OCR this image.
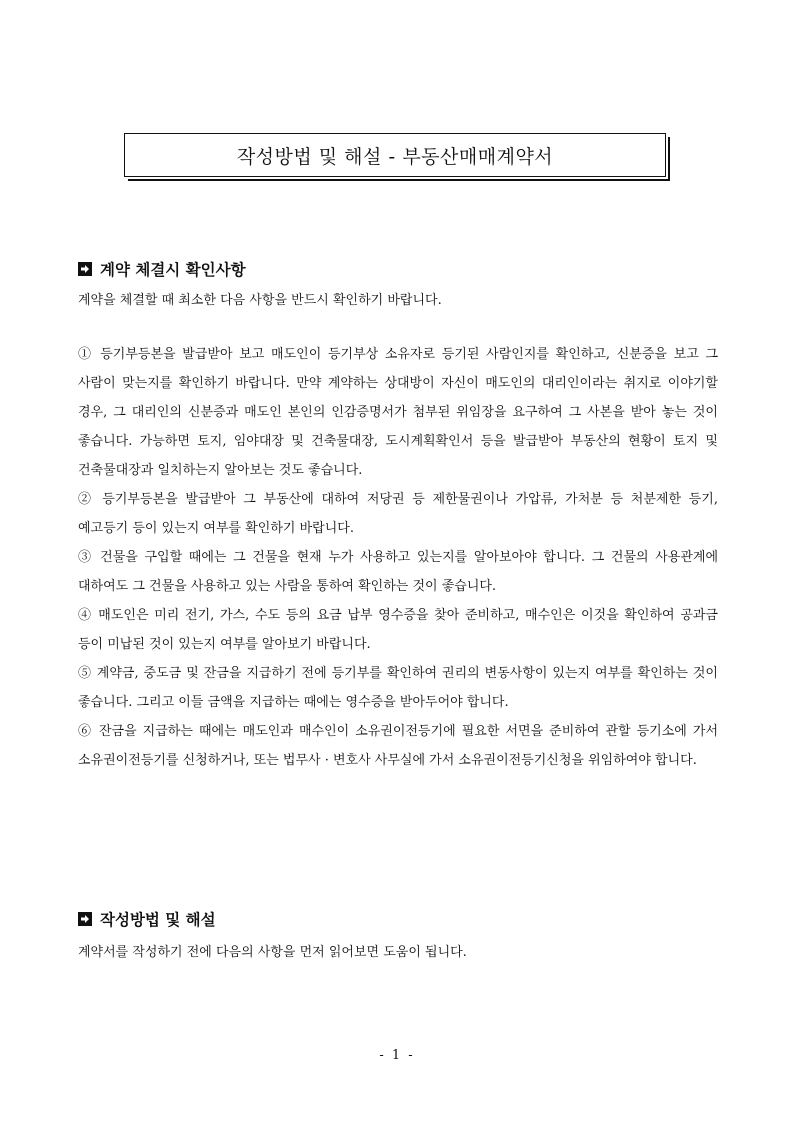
작성방법 및 해설 - 부동산매매계약서
계약 체결시 확인사항
계약을 체결할 때 최소한 다음 사항을 반드시 확인하기 바랍니다.

① 등기부등본을 발급받아 보고 매도인이 등기부상 소유자로 등기된 사람인지를 확인하고, 신분증을 보고 그 사람이 맞는지를 확인하기 바랍니다. 만약 계약하는 상대방이 자신이 매도인의 대리인이라는 취지로 이야기할 경우, 그 대리인의 신분증과 매도인 본인의 인감증명서가 첨부된 위임장을 요구하여 그 사본을 받아 놓는 것이 좋습니다. 가능하면 토지, 임야대장 및 건축물대장, 도시계획확인서 등을 발급받아 부동산의 현황이 토지 및 건축물대장과 일치하는지 알아보는 것도 좋습니다.

② 등기부등본을 발급받아 그 부동산에 대하여 저당권 등 제한물권이나 가압류, 가처분 등 처분제한 등기, 예고등기 등이 있는지 여부를 확인하기 바랍니다.

③ 건물을 구입할 때에는 그 건물을 현재 누가 사용하고 있는지를 알아보아야 합니다. 그 건물의 사용관계에 대하여도 그 건물을 사용하고 있는 사람을 통하여 확인하는 것이 좋습니다.

④ 매도인은 미리 전기, 가스, 수도 등의 요금 납부 영수증을 찾아 준비하고, 매수인은 이것을 확인하여 공과금 등이 미납된 것이 있는지 여부를 알아보기 바랍니다.

⑤ 계약금, 중도금 및 잔금을 지급하기 전에 등기부를 확인하여 권리의 변동사항이 있는지 여부를 확인하는 것이 좋습니다. 그리고 이들 금액을 지급하는 때에는 영수증을 받아두어야 합니다.

⑥ 잔금을 지급하는 때에는 매도인과 매수인이 소유권이전등기에 필요한 서면을 준비하여 관할 등기소에 가서 소유권이전등기를 신청하거나, 또는 법무사 · 변호사 사무실에 가서 소유권이전등기신청을 위임하여야 합니다.

작성방법 및 해설
계약서를 작성하기 전에 다음의 사항을 먼저 읽어보면 도움이 됩니다.
- 1 -
